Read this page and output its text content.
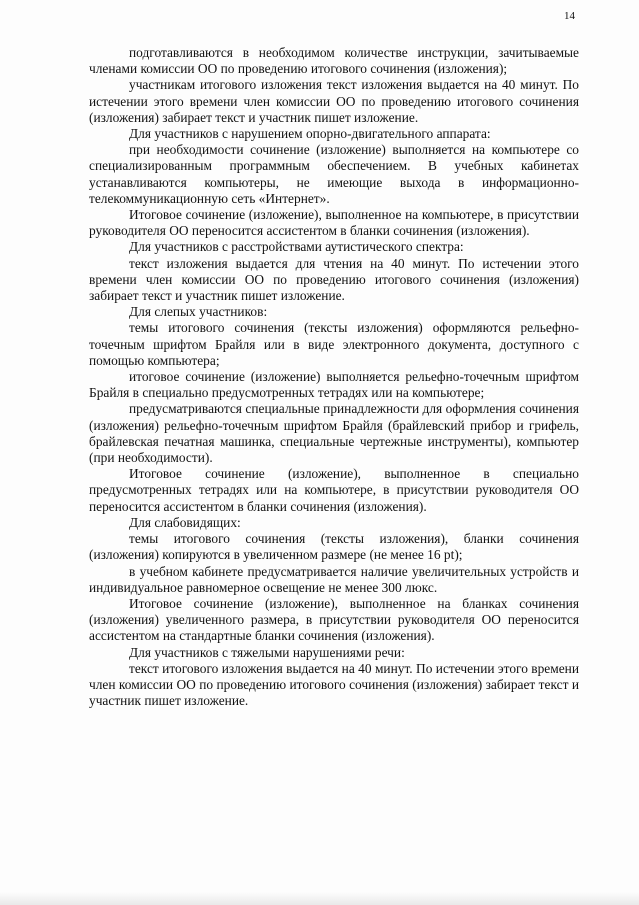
14

подготавливаются в необходимом количестве инструкции, зачитываемые членами комиссии ОО по проведению итогового сочинения (изложения);

участникам итогового изложения текст изложения выдается на 40 минут. По истечении этого времени член комиссии ОО по проведению итогового сочинения (изложения) забирает текст и участник пишет изложение.

Для участников с нарушением опорно-двигательного аппарата:

при необходимости сочинение (изложение) выполняется на компьютере со специализированным программным обеспечением. В учебных кабинетах устанавливаются компьютеры, не имеющие выхода в информационно-телекоммуникационную сеть «Интернет».

Итоговое сочинение (изложение), выполненное на компьютере, в присутствии руководителя ОО переносится ассистентом в бланки сочинения (изложения).

Для участников с расстройствами аутистического спектра:

текст изложения выдается для чтения на 40 минут. По истечении этого времени член комиссии ОО по проведению итогового сочинения (изложения) забирает текст и участник пишет изложение.

Для слепых участников:

темы итогового сочинения (тексты изложения) оформляются рельефно-точечным шрифтом Брайля или в виде электронного документа, доступного с помощью компьютера;

итоговое сочинение (изложение) выполняется рельефно-точечным шрифтом Брайля в специально предусмотренных тетрадях или на компьютере;

предусматриваются специальные принадлежности для оформления сочинения (изложения) рельефно-точечным шрифтом Брайля (брайлевский прибор и грифель, брайлевская печатная машинка, специальные чертежные инструменты), компьютер (при необходимости).

Итоговое сочинение (изложение), выполненное в специально предусмотренных тетрадях или на компьютере, в присутствии руководителя ОО переносится ассистентом в бланки сочинения (изложения).

Для слабовидящих:

темы итогового сочинения (тексты изложения), бланки сочинения (изложения) копируются в увеличенном размере (не менее 16 pt);

в учебном кабинете предусматривается наличие увеличительных устройств и индивидуальное равномерное освещение не менее 300 люкс.

Итоговое сочинение (изложение), выполненное на бланках сочинения (изложения) увеличенного размера, в присутствии руководителя ОО переносится ассистентом на стандартные бланки сочинения (изложения).

Для участников с тяжелыми нарушениями речи:

текст итогового изложения выдается на 40 минут. По истечении этого времени член комиссии ОО по проведению итогового сочинения (изложения) забирает текст и участник пишет изложение.
